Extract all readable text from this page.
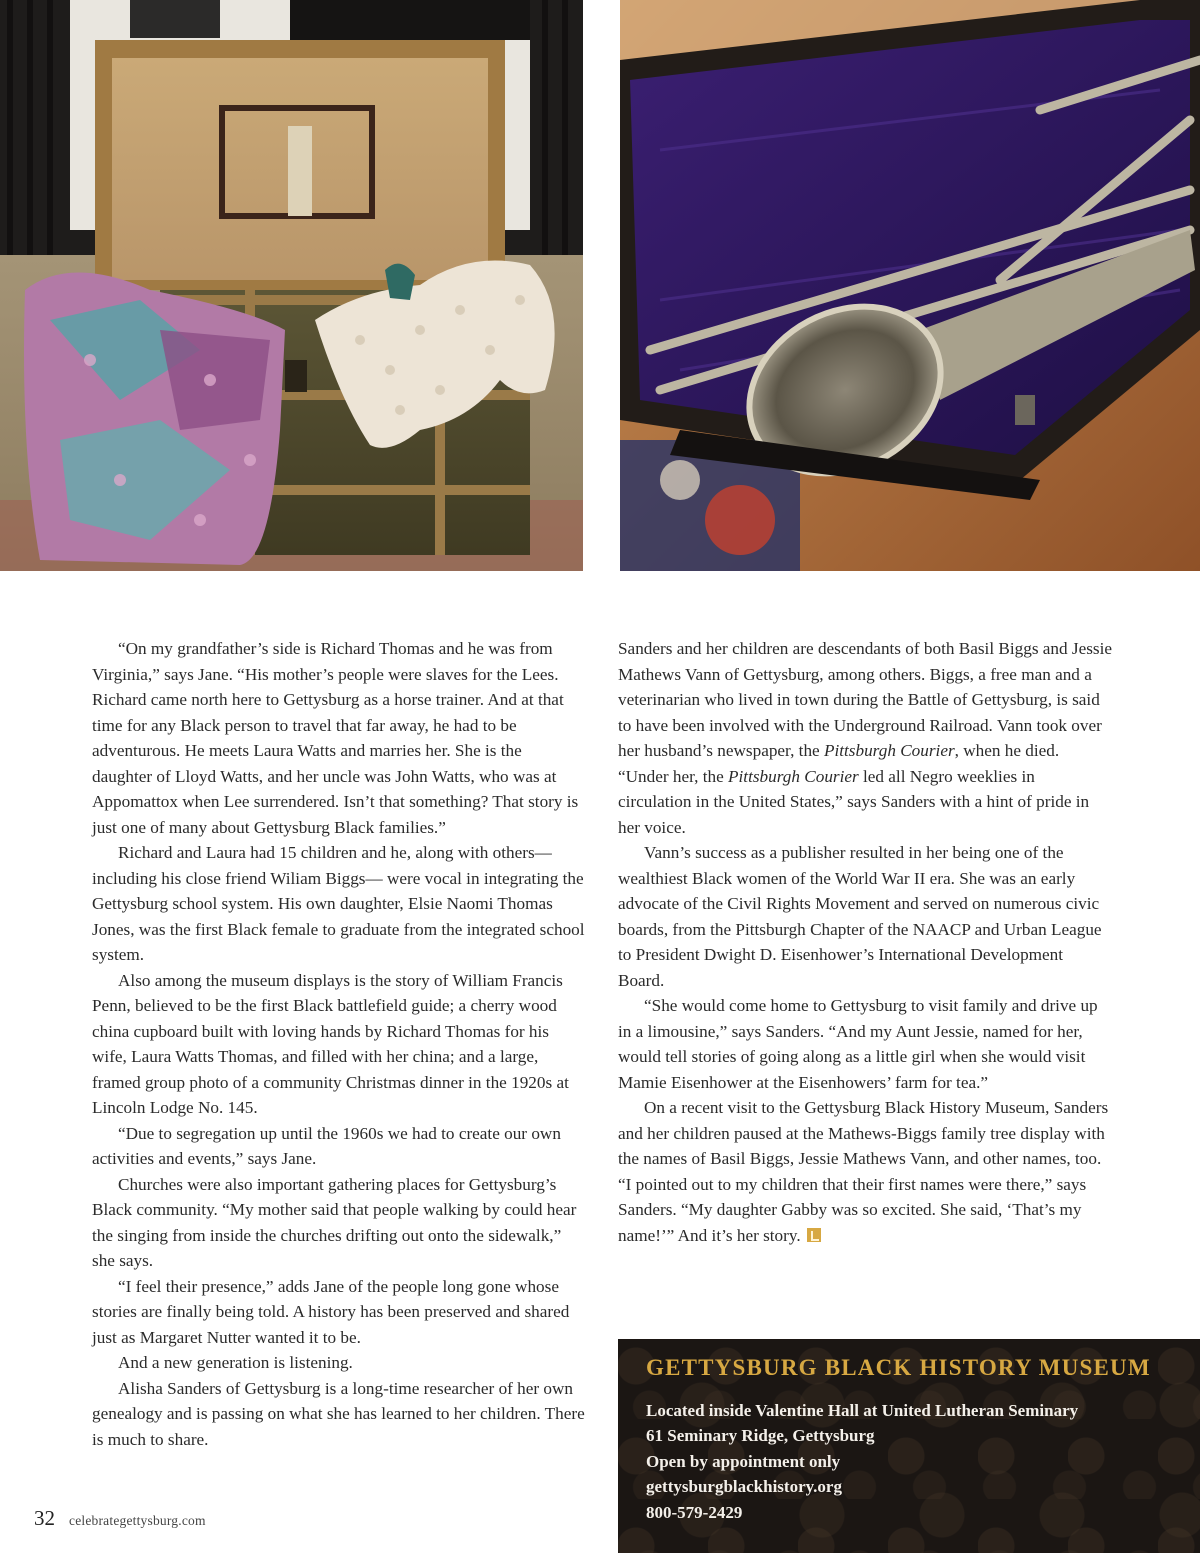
“On my grandfather’s side is Richard Thomas and he was from Virginia,” says Jane. “His mother’s people were slaves for the Lees. Richard came north here to Gettysburg as a horse trainer. And at that time for any Black person to travel that far away, he had to be adventurous. He meets Laura Watts and marries her. She is the daughter of Lloyd Watts, and her uncle was John Watts, who was at Appomattox when Lee surrendered. Isn’t that something? That story is just one of many about Gettysburg Black families.”

Richard and Laura had 15 children and he, along with others—including his close friend Wiliam Biggs— were vocal in integrating the Gettysburg school system. His own daughter, Elsie Naomi Thomas Jones, was the first Black female to graduate from the integrated school system.

Also among the museum displays is the story of William Francis Penn, believed to be the first Black battlefield guide; a cherry wood china cupboard built with loving hands by Richard Thomas for his wife, Laura Watts Thomas, and filled with her china; and a large, framed group photo of a community Christmas dinner in the 1920s at Lincoln Lodge No. 145.

“Due to segregation up until the 1960s we had to create our own activities and events,” says Jane.

Churches were also important gathering places for Gettysburg’s Black community. “My mother said that people walking by could hear the singing from inside the churches drifting out onto the sidewalk,” she says.

“I feel their presence,” adds Jane of the people long gone whose stories are finally being told. A history has been preserved and shared just as Margaret Nutter wanted it to be.

And a new generation is listening.

Alisha Sanders of Gettysburg is a long-time researcher of her own genealogy and is passing on what she has learned to her children. There is much to share.

Sanders and her children are descendants of both Basil Biggs and Jessie Mathews Vann of Gettysburg, among others. Biggs, a free man and a veterinarian who lived in town during the Battle of Gettysburg, is said to have been involved with the Underground Railroad. Vann took over her husband’s newspaper, the Pittsburgh Courier, when he died. “Under her, the Pittsburgh Courier led all Negro weeklies in circulation in the United States,” says Sanders with a hint of pride in her voice.

Vann’s success as a publisher resulted in her being one of the wealthiest Black women of the World War II era. She was an early advocate of the Civil Rights Movement and served on numerous civic boards, from the Pittsburgh Chapter of the NAACP and Urban League to President Dwight D. Eisenhower’s International Development Board.

“She would come home to Gettysburg to visit family and drive up in a limousine,” says Sanders. “And my Aunt Jessie, named for her, would tell stories of going along as a little girl when she would visit Mamie Eisenhower at the Eisenhowers’ farm for tea.”

On a recent visit to the Gettysburg Black History Museum, Sanders and her children paused at the Mathews-Biggs family tree display with the names of Basil Biggs, Jessie Mathews Vann, and other names, too. “I pointed out to my children that their first names were there,” says Sanders. “My daughter Gabby was so excited. She said, ‘That’s my name!’” And it’s her story.

GETTYSBURG BLACK HISTORY MUSEUM

Located inside Valentine Hall at United Lutheran Seminary

61 Seminary Ridge, Gettysburg

Open by appointment only

gettysburgblackhistory.org

800-579-2429

32 celebrategettysburg.com
